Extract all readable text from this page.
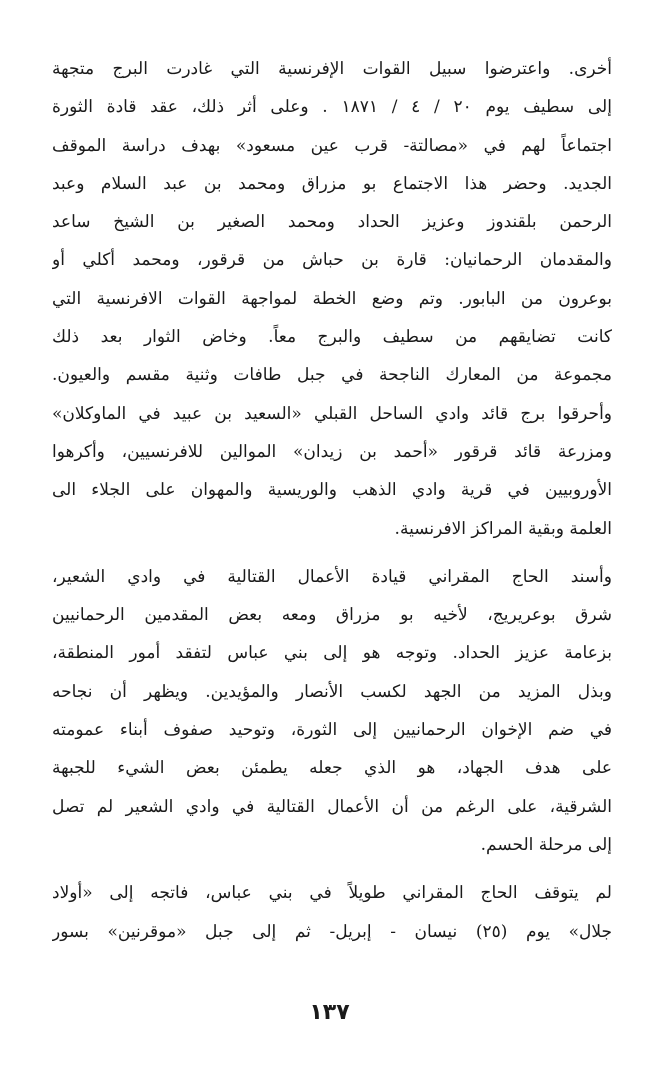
أخرى. واعترضوا سبيل القوات الإفرنسية التي غادرت البرج متجهة
إلى سطيف يوم ٢٠ / ٤ / ١٨٧١ . وعلى أثر ذلك، عقد قادة الثورة
اجتماعاً لهم في «مصالتة- قرب عين مسعود» بهدف دراسة الموقف
الجديد. وحضر هذا الاجتماع بو مزراق ومحمد بن عبد السلام وعبد
الرحمن بلقندوز وعزيز الحداد ومحمد الصغير بن الشيخ ساعد
والمقدمان الرحمانيان: قارة بن حباش من قرقور، ومحمد أكلي أو
بوعرون من البابور. وتم وضع الخطة لمواجهة القوات الافرنسية التي
كانت تضايقهم من سطيف والبرج معاً. وخاض الثوار بعد ذلك
مجموعة من المعارك الناجحة في جبل طافات وثنية مقسم والعيون.
وأحرقوا برج قائد وادي الساحل القبلي «السعيد بن عبيد في الماوكلان»
ومزرعة قائد قرقور «أحمد بن زيدان» الموالين للافرنسيين، وأكرهوا
الأوروبيين في قرية وادي الذهب والوريسية والمهوان على الجلاء الى
العلمة وبقية المراكز الافرنسية.
وأسند الحاج المقراني قيادة الأعمال القتالية في وادي الشعير،
شرق بوعريريج، لأخيه بو مزراق ومعه بعض المقدمين الرحمانيين
بزعامة عزيز الحداد. وتوجه هو إلى بني عباس لتفقد أمور المنطقة،
وبذل المزيد من الجهد لكسب الأنصار والمؤيدين. ويظهر أن نجاحه
في ضم الإخوان الرحمانيين إلى الثورة، وتوحيد صفوف أبناء عمومته
على هدف الجهاد، هو الذي جعله يطمئن بعض الشيء للجبهة
الشرقية، على الرغم من أن الأعمال القتالية في وادي الشعير لم تصل
إلى مرحلة الحسم.
لم يتوقف الحاج المقراني طويلاً في بني عباس، فاتجه إلى «أولاد
جلال» يوم (٢٥) نيسان - إبريل- ثم إلى جبل «موقرنين» بسور
١٣٧
